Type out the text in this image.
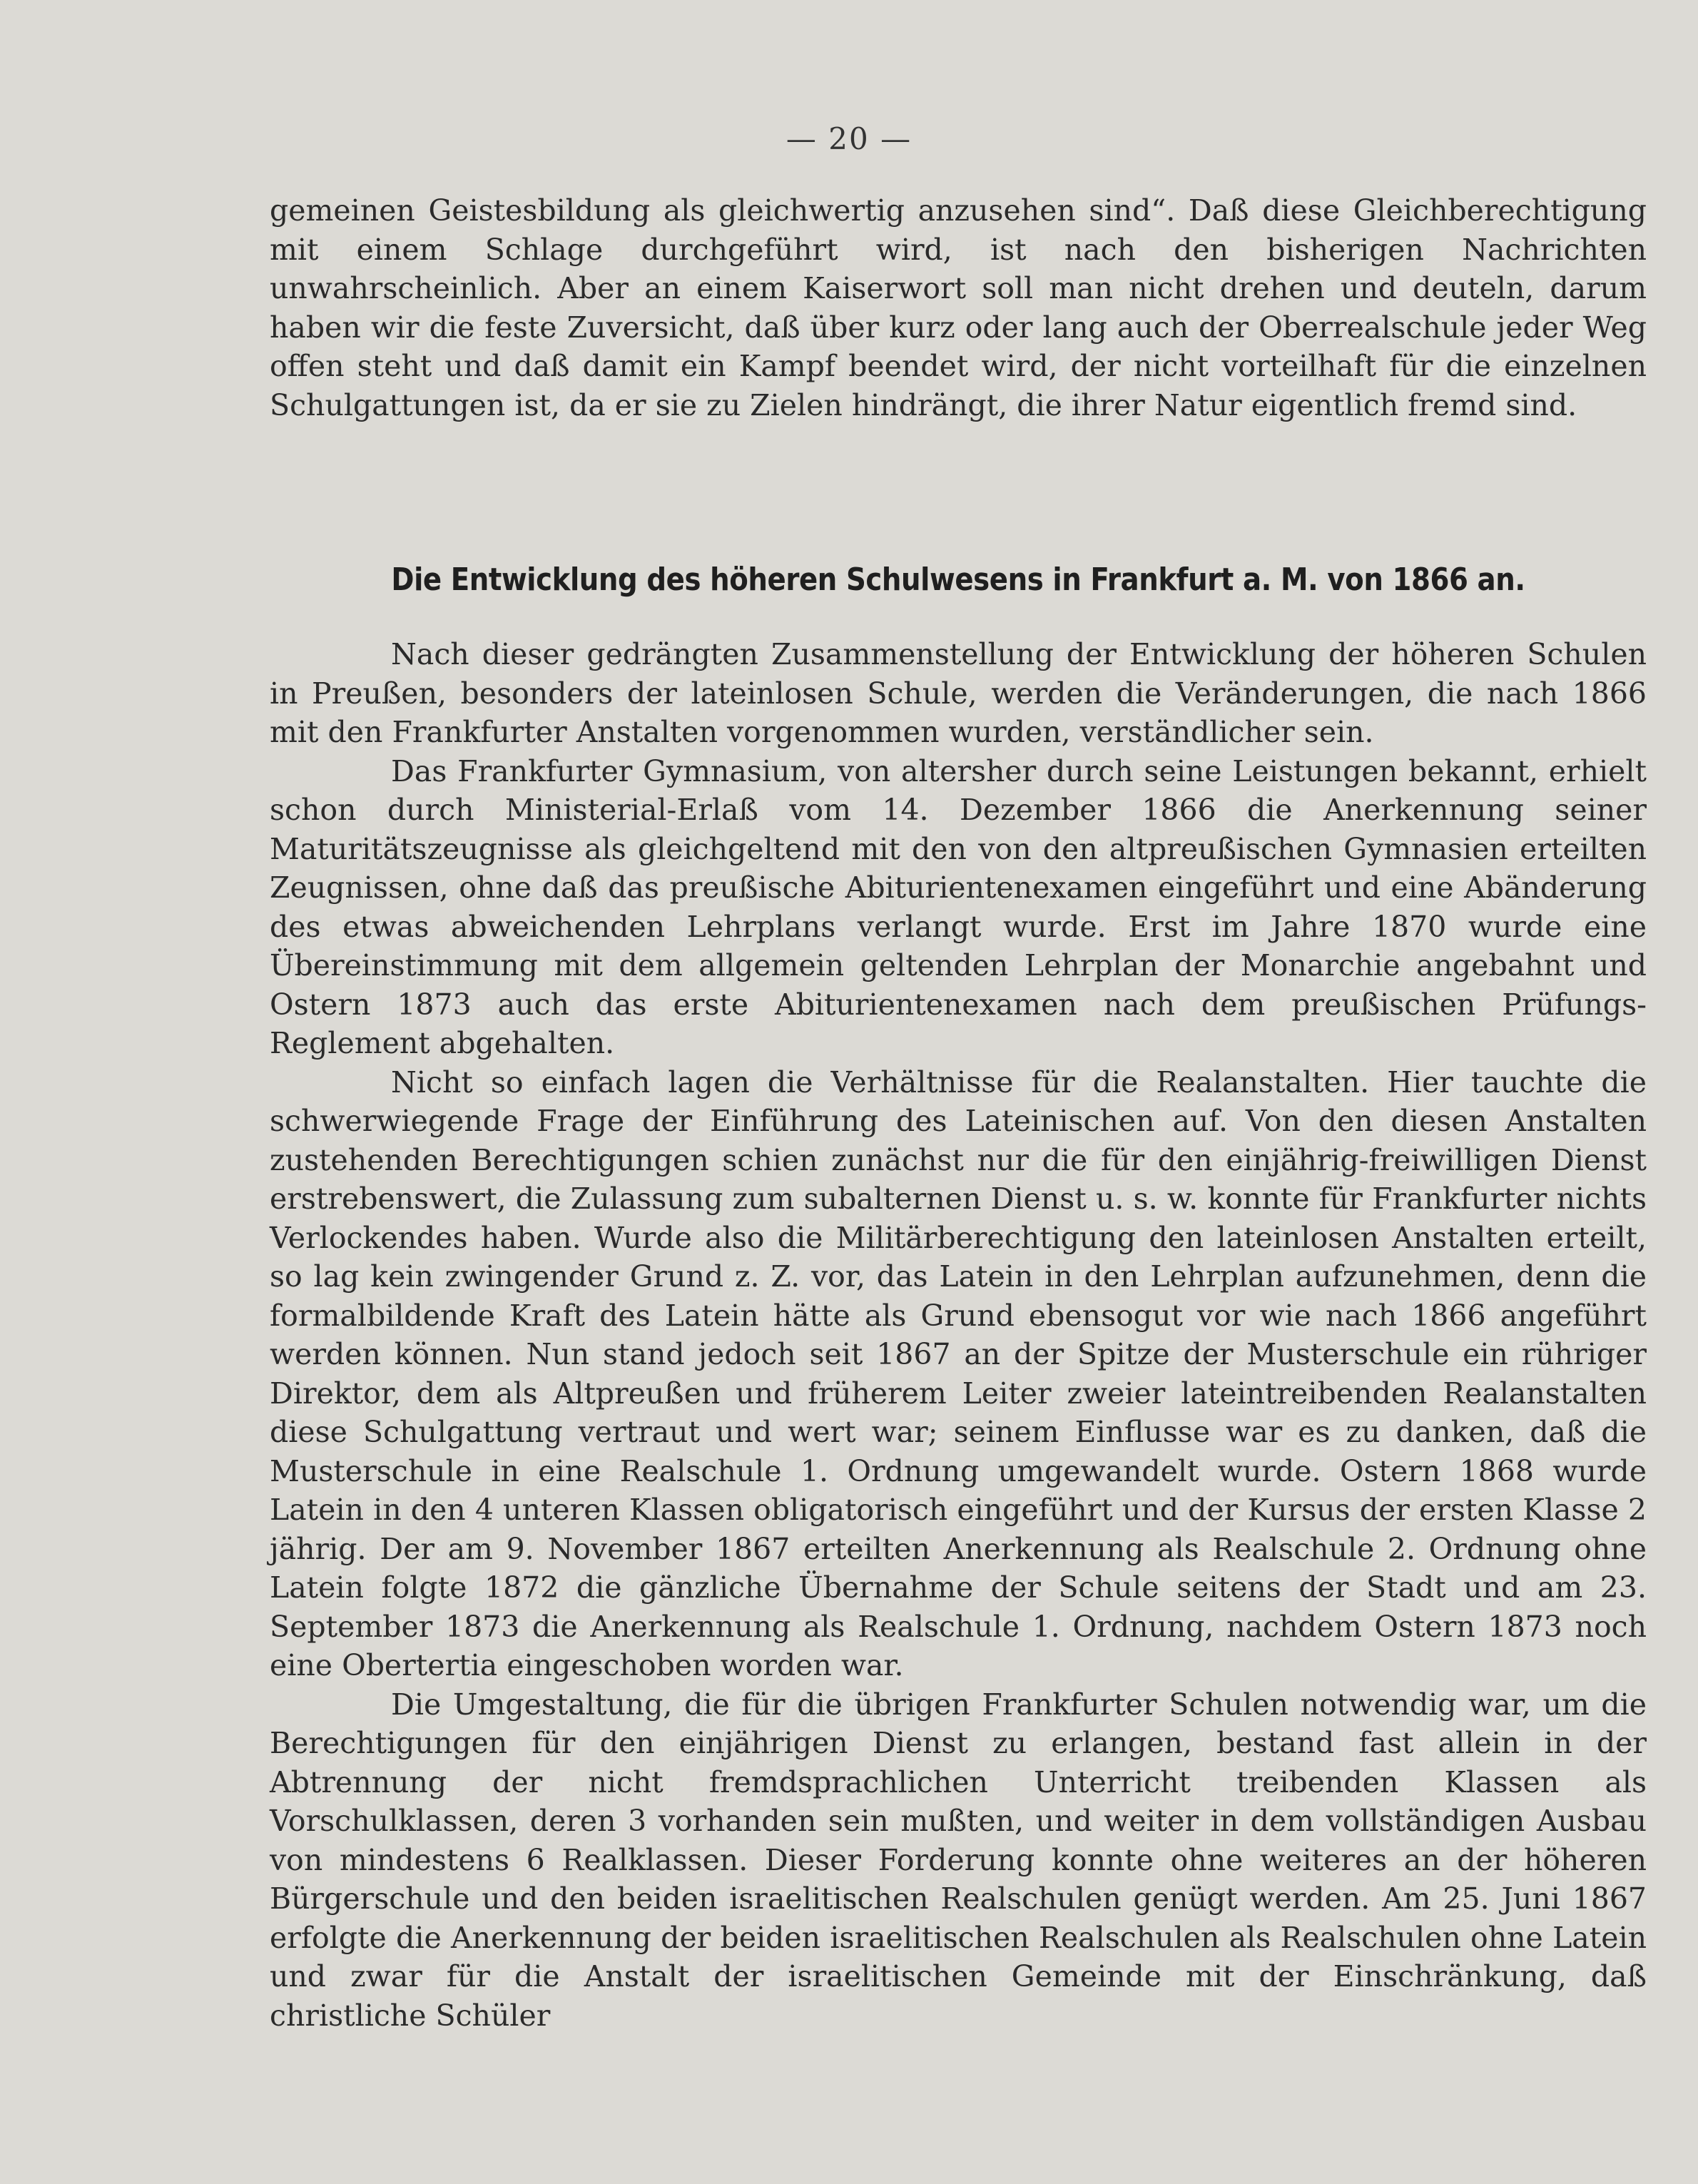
— 20 —

gemeinen Geistesbildung als gleichwertig anzusehen sind“. Daß diese Gleichberechtigung mit einem Schlage durchgeführt wird, ist nach den bisherigen Nachrichten unwahrscheinlich. Aber an einem Kaiserwort soll man nicht drehen und deuteln, darum haben wir die feste Zuversicht, daß über kurz oder lang auch der Oberrealschule jeder Weg offen steht und daß damit ein Kampf beendet wird, der nicht vorteilhaft für die einzelnen Schulgattungen ist, da er sie zu Zielen hindrängt, die ihrer Natur eigentlich fremd sind.

Die Entwicklung des höheren Schulwesens in Frankfurt a. M. von 1866 an.

Nach dieser gedrängten Zusammenstellung der Entwicklung der höheren Schulen in Preußen, besonders der lateinlosen Schule, werden die Veränderungen, die nach 1866 mit den Frankfurter Anstalten vorgenommen wurden, verständlicher sein.

Das Frankfurter Gymnasium, von altersher durch seine Leistungen bekannt, erhielt schon durch Ministerial-Erlaß vom 14. Dezember 1866 die Anerkennung seiner Maturitätszeugnisse als gleichgeltend mit den von den altpreußischen Gymnasien erteilten Zeugnissen, ohne daß das preußische Abiturientenexamen eingeführt und eine Abänderung des etwas abweichenden Lehrplans verlangt wurde. Erst im Jahre 1870 wurde eine Übereinstimmung mit dem allgemein geltenden Lehrplan der Monarchie angebahnt und Ostern 1873 auch das erste Abiturientenexamen nach dem preußischen Prüfungs-Reglement abgehalten.

Nicht so einfach lagen die Verhältnisse für die Realanstalten. Hier tauchte die schwerwiegende Frage der Einführung des Lateinischen auf. Von den diesen Anstalten zustehenden Berechtigungen schien zunächst nur die für den einjährig-freiwilligen Dienst erstrebenswert, die Zulassung zum subalternen Dienst u. s. w. konnte für Frankfurter nichts Verlockendes haben. Wurde also die Militärberechtigung den lateinlosen Anstalten erteilt, so lag kein zwingender Grund z. Z. vor, das Latein in den Lehrplan aufzunehmen, denn die formalbildende Kraft des Latein hätte als Grund ebensogut vor wie nach 1866 angeführt werden können. Nun stand jedoch seit 1867 an der Spitze der Musterschule ein rühriger Direktor, dem als Altpreußen und früherem Leiter zweier lateintreibenden Realanstalten diese Schulgattung vertraut und wert war; seinem Einflusse war es zu danken, daß die Musterschule in eine Realschule 1. Ordnung umgewandelt wurde. Ostern 1868 wurde Latein in den 4 unteren Klassen obligatorisch eingeführt und der Kursus der ersten Klasse 2 jährig. Der am 9. November 1867 erteilten Anerkennung als Realschule 2. Ordnung ohne Latein folgte 1872 die gänzliche Übernahme der Schule seitens der Stadt und am 23. September 1873 die Anerkennung als Realschule 1. Ordnung, nachdem Ostern 1873 noch eine Obertertia eingeschoben worden war.

Die Umgestaltung, die für die übrigen Frankfurter Schulen notwendig war, um die Berechtigungen für den einjährigen Dienst zu erlangen, bestand fast allein in der Abtrennung der nicht fremdsprachlichen Unterricht treibenden Klassen als Vorschulklassen, deren 3 vorhanden sein mußten, und weiter in dem vollständigen Ausbau von mindestens 6 Realklassen. Dieser Forderung konnte ohne weiteres an der höheren Bürgerschule und den beiden israelitischen Realschulen genügt werden. Am 25. Juni 1867 erfolgte die Anerkennung der beiden israelitischen Realschulen als Realschulen ohne Latein und zwar für die Anstalt der israelitischen Gemeinde mit der Einschränkung, daß christliche Schüler
